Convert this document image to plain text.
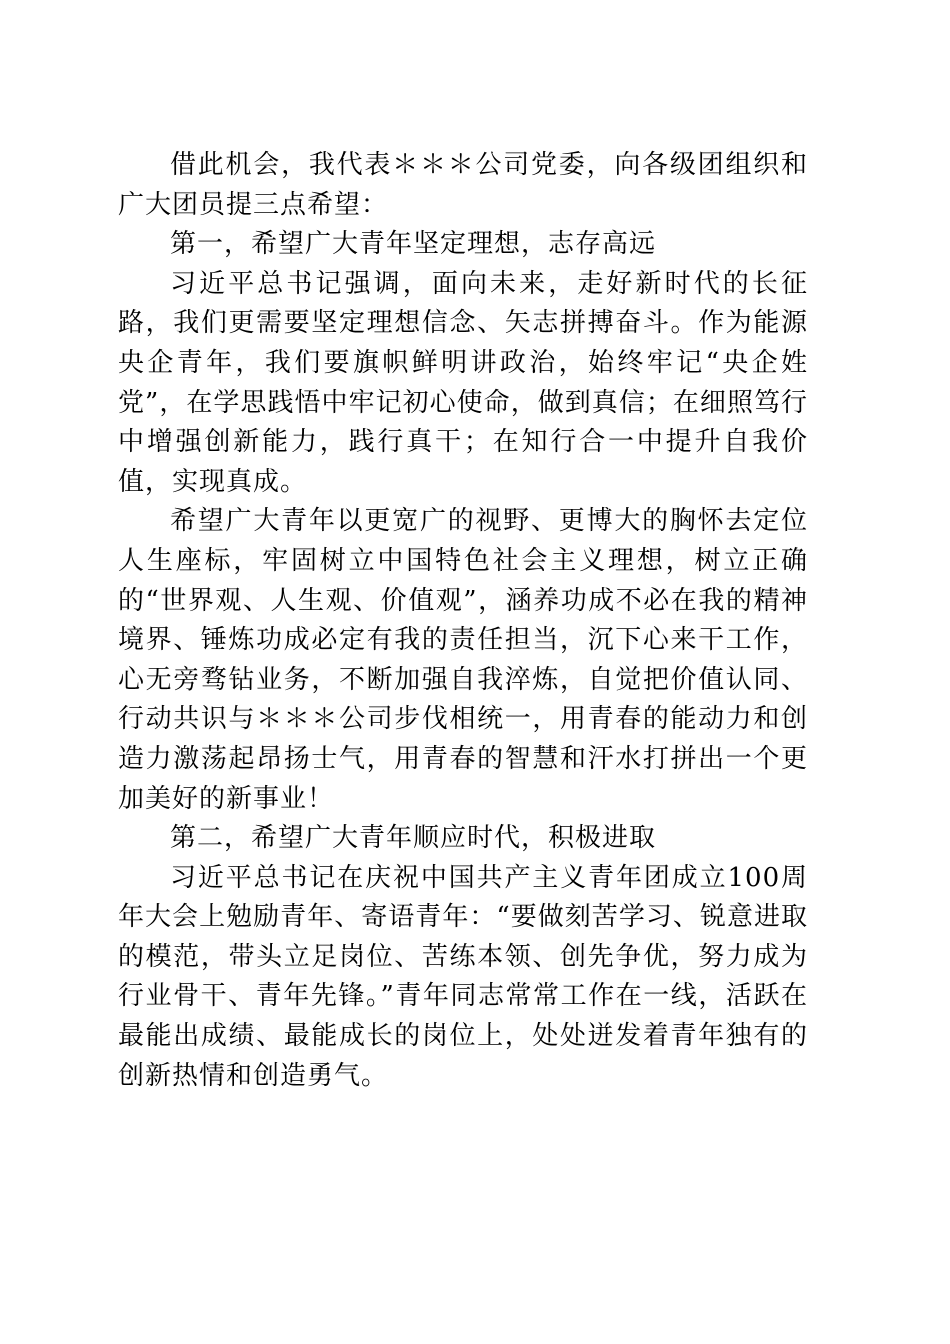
借此机会，我代表＊＊＊公司党委，向各级团组织和广大团员提三点希望：

第一，希望广大青年坚定理想，志存高远

习近平总书记强调，面向未来，走好新时代的长征路，我们更需要坚定理想信念、矢志拼搏奋斗。作为能源央企青年，我们要旗帜鲜明讲政治，始终牢记“央企姓党”，在学思践悟中牢记初心使命，做到真信；在细照笃行中增强创新能力，践行真干；在知行合一中提升自我价值，实现真成。

希望广大青年以更宽广的视野、更博大的胸怀去定位人生座标，牢固树立中国特色社会主义理想，树立正确的“世界观、人生观、价值观”，涵养功成不必在我的精神境界、锤炼功成必定有我的责任担当，沉下心来干工作，心无旁骛钻业务，不断加强自我淬炼，自觉把价值认同、行动共识与＊＊＊公司步伐相统一，用青春的能动力和创造力激荡起昂扬士气，用青春的智慧和汗水打拼出一个更加美好的新事业！

第二，希望广大青年顺应时代，积极进取

习近平总书记在庆祝中国共产主义青年团成立100周年大会上勉励青年、寄语青年：“要做刻苦学习、锐意进取的模范，带头立足岗位、苦练本领、创先争优，努力成为行业骨干、青年先锋。”青年同志常常工作在一线，活跃在最能出成绩、最能成长的岗位上，处处迸发着青年独有的创新热情和创造勇气。
